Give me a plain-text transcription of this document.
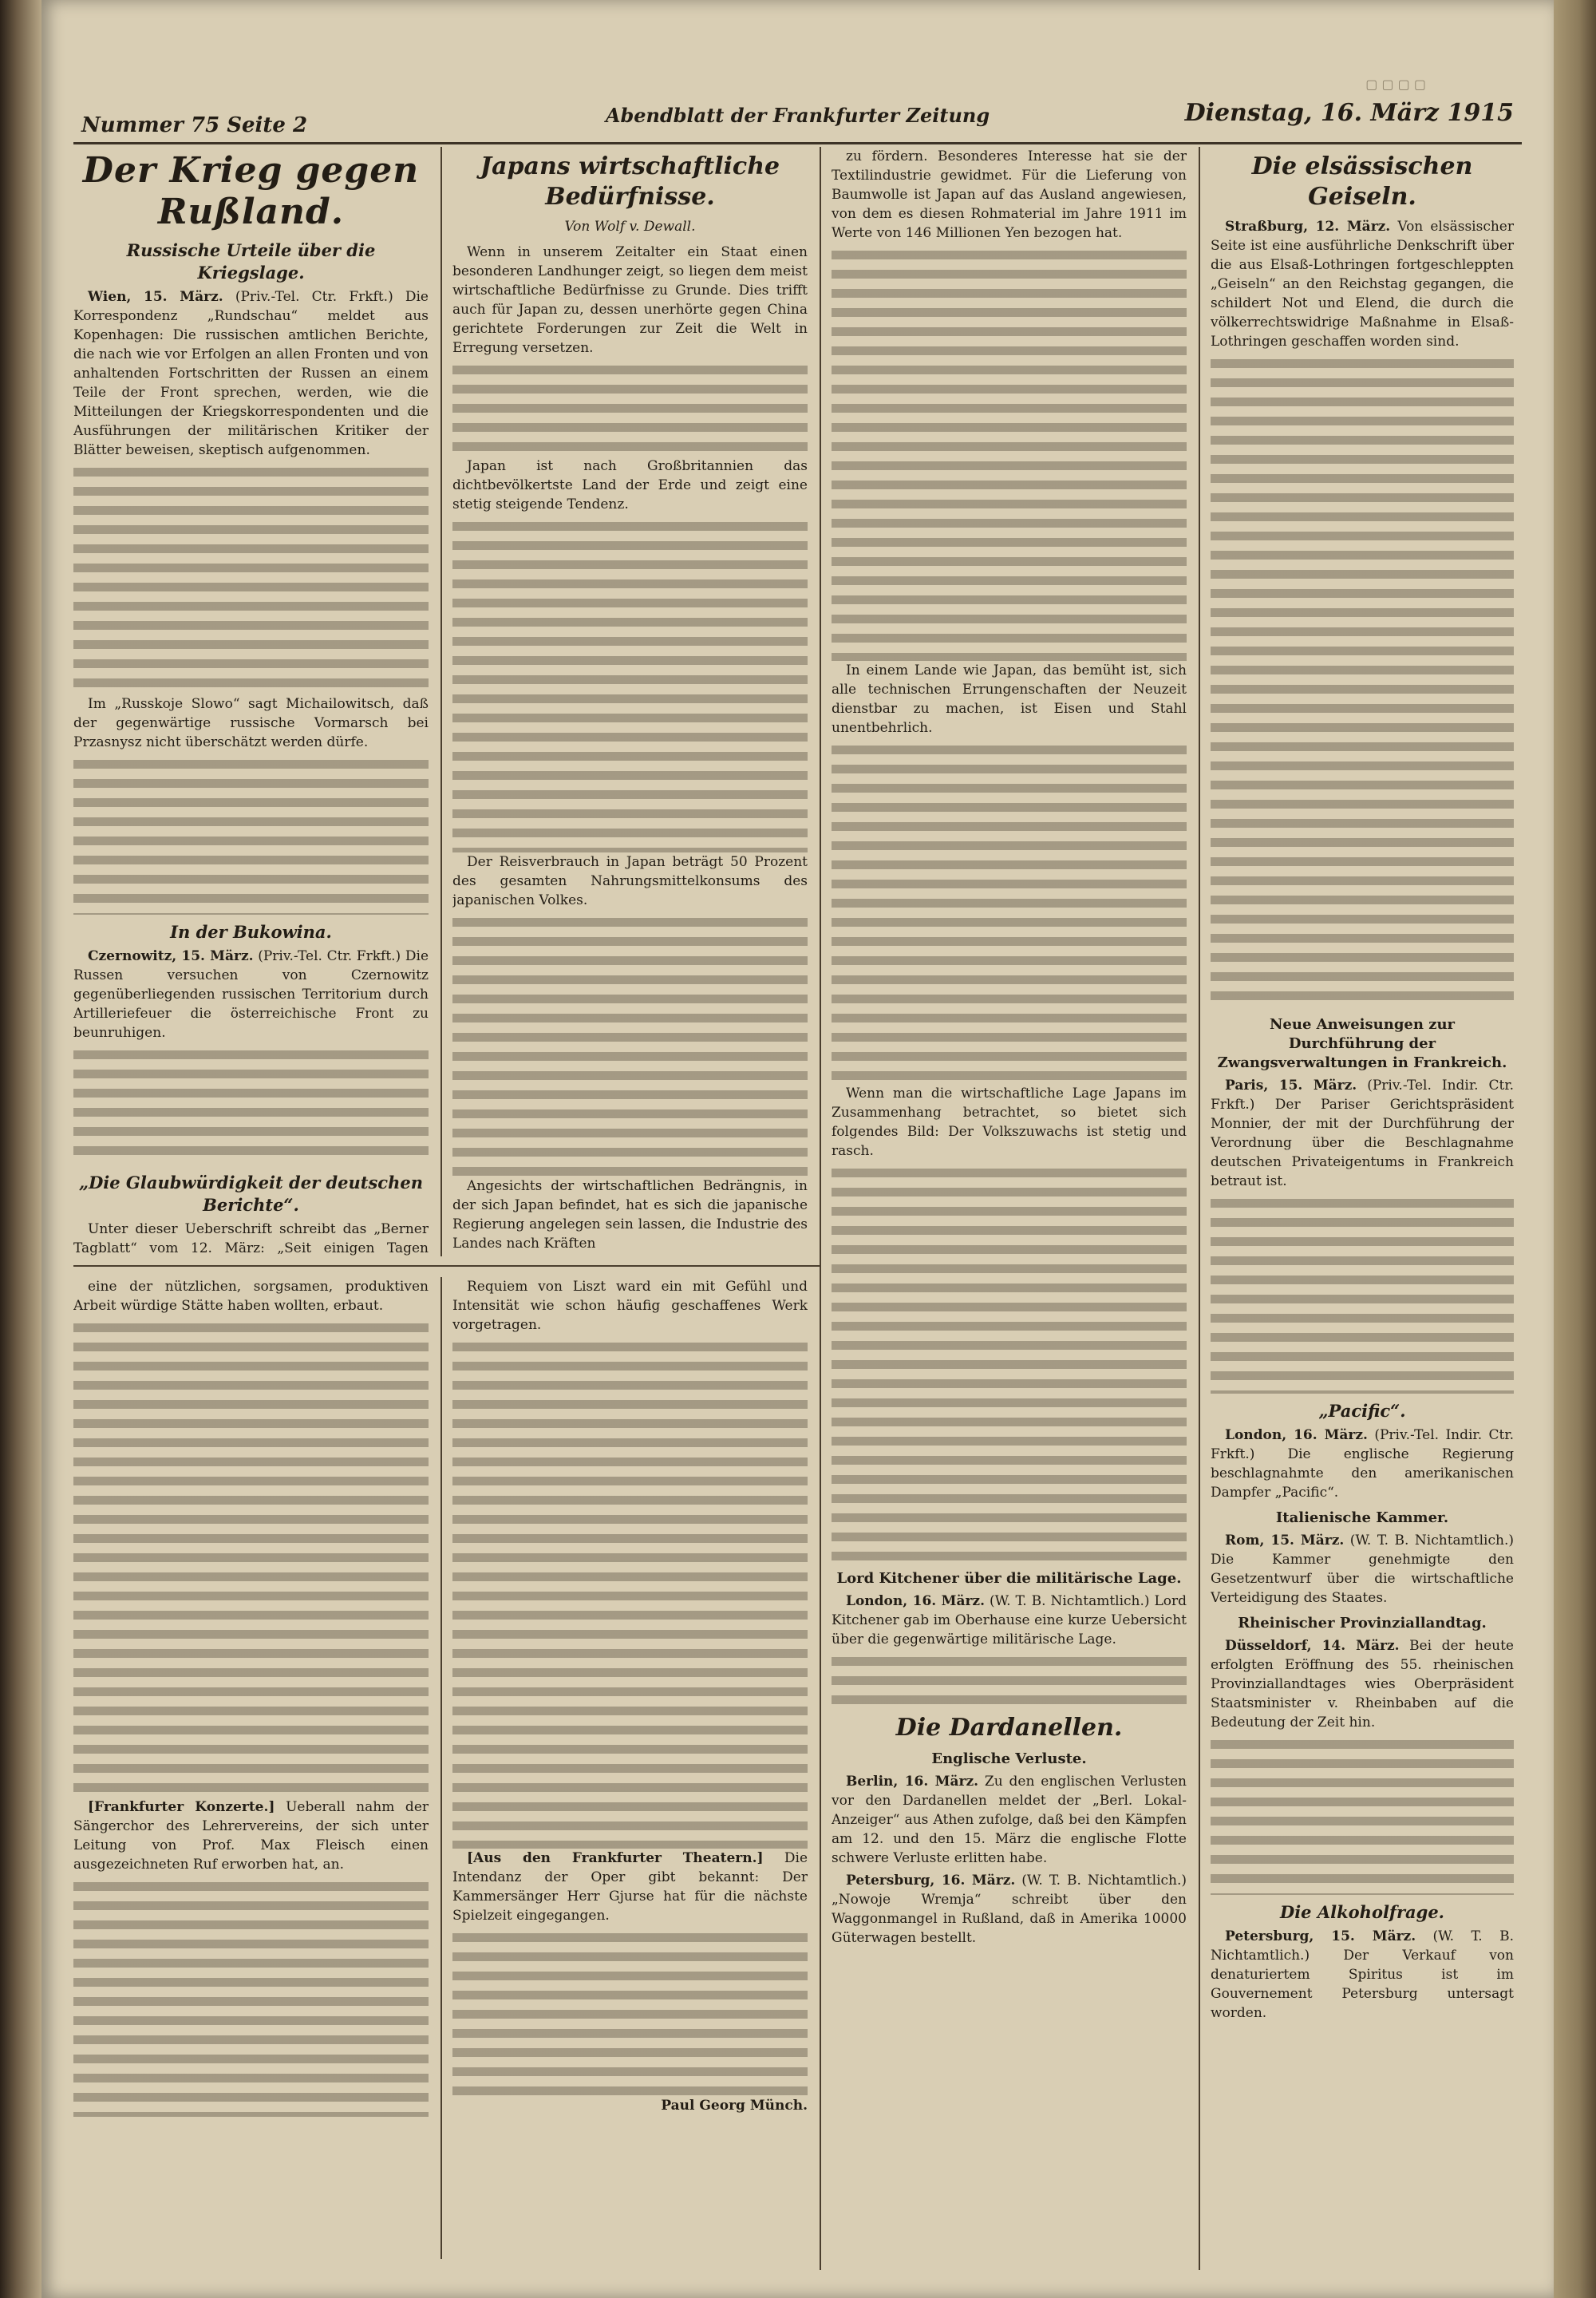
▢ ▢ ▢ ▢
Nummer 75 Seite 2	Abendblatt der Frankfurter Zeitung	Dienstag, 16. März 1915
Der Krieg gegen Rußland.
Russische Urteile über die Kriegslage.

Wien, 15. März. (Priv.-Tel. Ctr. Frkft.) Die Korrespondenz „Rundschau“ meldet aus Kopenhagen: Die russischen amtlichen Berichte, die nach wie vor Erfolgen an allen Fronten und von anhaltenden Fortschritten der Russen an einem Teile der Front sprechen, werden, wie die Mitteilungen der Kriegskorrespondenten und die Ausführungen der militärischen Kritiker der Blätter beweisen, skeptisch aufgenommen.

Im „Russkoje Slowo“ sagt Michailowitsch, daß der gegenwärtige russische Vormarsch bei Przasnysz nicht überschätzt werden dürfe.

In der Bukowina.

Czernowitz, 15. März. (Priv.-Tel. Ctr. Frkft.) Die Russen versuchen von Czernowitz gegenüberliegenden russischen Territorium durch Artilleriefeuer die österreichische Front zu beunruhigen.

„Die Glaubwürdigkeit der deutschen Berichte“.

Unter dieser Ueberschrift schreibt das „Berner Tagblatt“ vom 12. März: „Seit einigen Tagen

Japans wirtschaftliche Bedürfnisse.
Von Wolf v. Dewall.

Wenn in unserem Zeitalter ein Staat einen besonderen Landhunger zeigt, so liegen dem meist wirtschaftliche Bedürfnisse zu Grunde. Dies trifft auch für Japan zu, dessen unerhörte gegen China gerichtete Forderungen zur Zeit die Welt in Erregung versetzen.

Japan ist nach Großbritannien das dichtbevölkertste Land der Erde und zeigt eine stetig steigende Tendenz.

Der Reisverbrauch in Japan beträgt 50 Prozent des gesamten Nahrungsmittelkonsums des japanischen Volkes.

Angesichts der wirtschaftlichen Bedrängnis, in der sich Japan befindet, hat es sich die japanische Regierung angelegen sein lassen, die Industrie des Landes nach Kräften

zu fördern. Besonderes Interesse hat sie der Textilindustrie gewidmet. Für die Lieferung von Baumwolle ist Japan auf das Ausland angewiesen, von dem es diesen Rohmaterial im Jahre 1911 im Werte von 146 Millionen Yen bezogen hat.

In einem Lande wie Japan, das bemüht ist, sich alle technischen Errungenschaften der Neuzeit dienstbar zu machen, ist Eisen und Stahl unentbehrlich.

Wenn man die wirtschaftliche Lage Japans im Zusammenhang betrachtet, so bietet sich folgendes Bild: Der Volkszuwachs ist stetig und rasch.

Lord Kitchener über die militärische Lage.

London, 16. März. (W. T. B. Nichtamtlich.) Lord Kitchener gab im Oberhause eine kurze Uebersicht über die gegenwärtige militärische Lage.

Die Dardanellen.
Englische Verluste.

Berlin, 16. März. Zu den englischen Verlusten vor den Dardanellen meldet der „Berl. Lokal-Anzeiger“ aus Athen zufolge, daß bei den Kämpfen am 12. und den 15. März die englische Flotte schwere Verluste erlitten habe.

Petersburg, 16. März. (W. T. B. Nichtamtlich.) „Nowoje Wremja“ schreibt über den Waggonmangel in Rußland, daß in Amerika 10000 Güterwagen bestellt.

Die elsässischen Geiseln.

Straßburg, 12. März. Von elsässischer Seite ist eine ausführliche Denkschrift über die aus Elsaß-Lothringen fortgeschleppten „Geiseln“ an den Reichstag gegangen, die schildert Not und Elend, die durch die völkerrechtswidrige Maßnahme in Elsaß-Lothringen geschaffen worden sind.

Neue Anweisungen zur Durchführung der Zwangsverwaltungen in Frankreich.

Paris, 15. März. (Priv.-Tel. Indir. Ctr. Frkft.) Der Pariser Gerichtspräsident Monnier, der mit der Durchführung der Verordnung über die Beschlagnahme deutschen Privateigentums in Frankreich betraut ist.

„Pacific“.

London, 16. März. (Priv.-Tel. Indir. Ctr. Frkft.) Die englische Regierung beschlagnahmte den amerikanischen Dampfer „Pacific“.

Italienische Kammer.

Rom, 15. März. (W. T. B. Nichtamtlich.) Die Kammer genehmigte den Gesetzentwurf über die wirtschaftliche Verteidigung des Staates.

Rheinischer Provinziallandtag.

Düsseldorf, 14. März. Bei der heute erfolgten Eröffnung des 55. rheinischen Provinziallandtages wies Oberpräsident Staatsminister v. Rheinbaben auf die Bedeutung der Zeit hin.

Die Alkoholfrage.

Petersburg, 15. März. (W. T. B. Nichtamtlich.) Der Verkauf von denaturiertem Spiritus ist im Gouvernement Petersburg untersagt worden.

eine der nützlichen, sorgsamen, produktiven Arbeit würdige Stätte haben wollten, erbaut.

[Frankfurter Konzerte.] Ueberall nahm der Sängerchor des Lehrervereins, der sich unter Leitung von Prof. Max Fleisch einen ausgezeichneten Ruf erworben hat, an.

Requiem von Liszt ward ein mit Gefühl und Intensität wie schon häufig geschaffenes Werk vorgetragen.

[Aus den Frankfurter Theatern.] Die Intendanz der Oper gibt bekannt: Der Kammersänger Herr Gjurse hat für die nächste Spielzeit eingegangen.

Paul Georg Münch.
